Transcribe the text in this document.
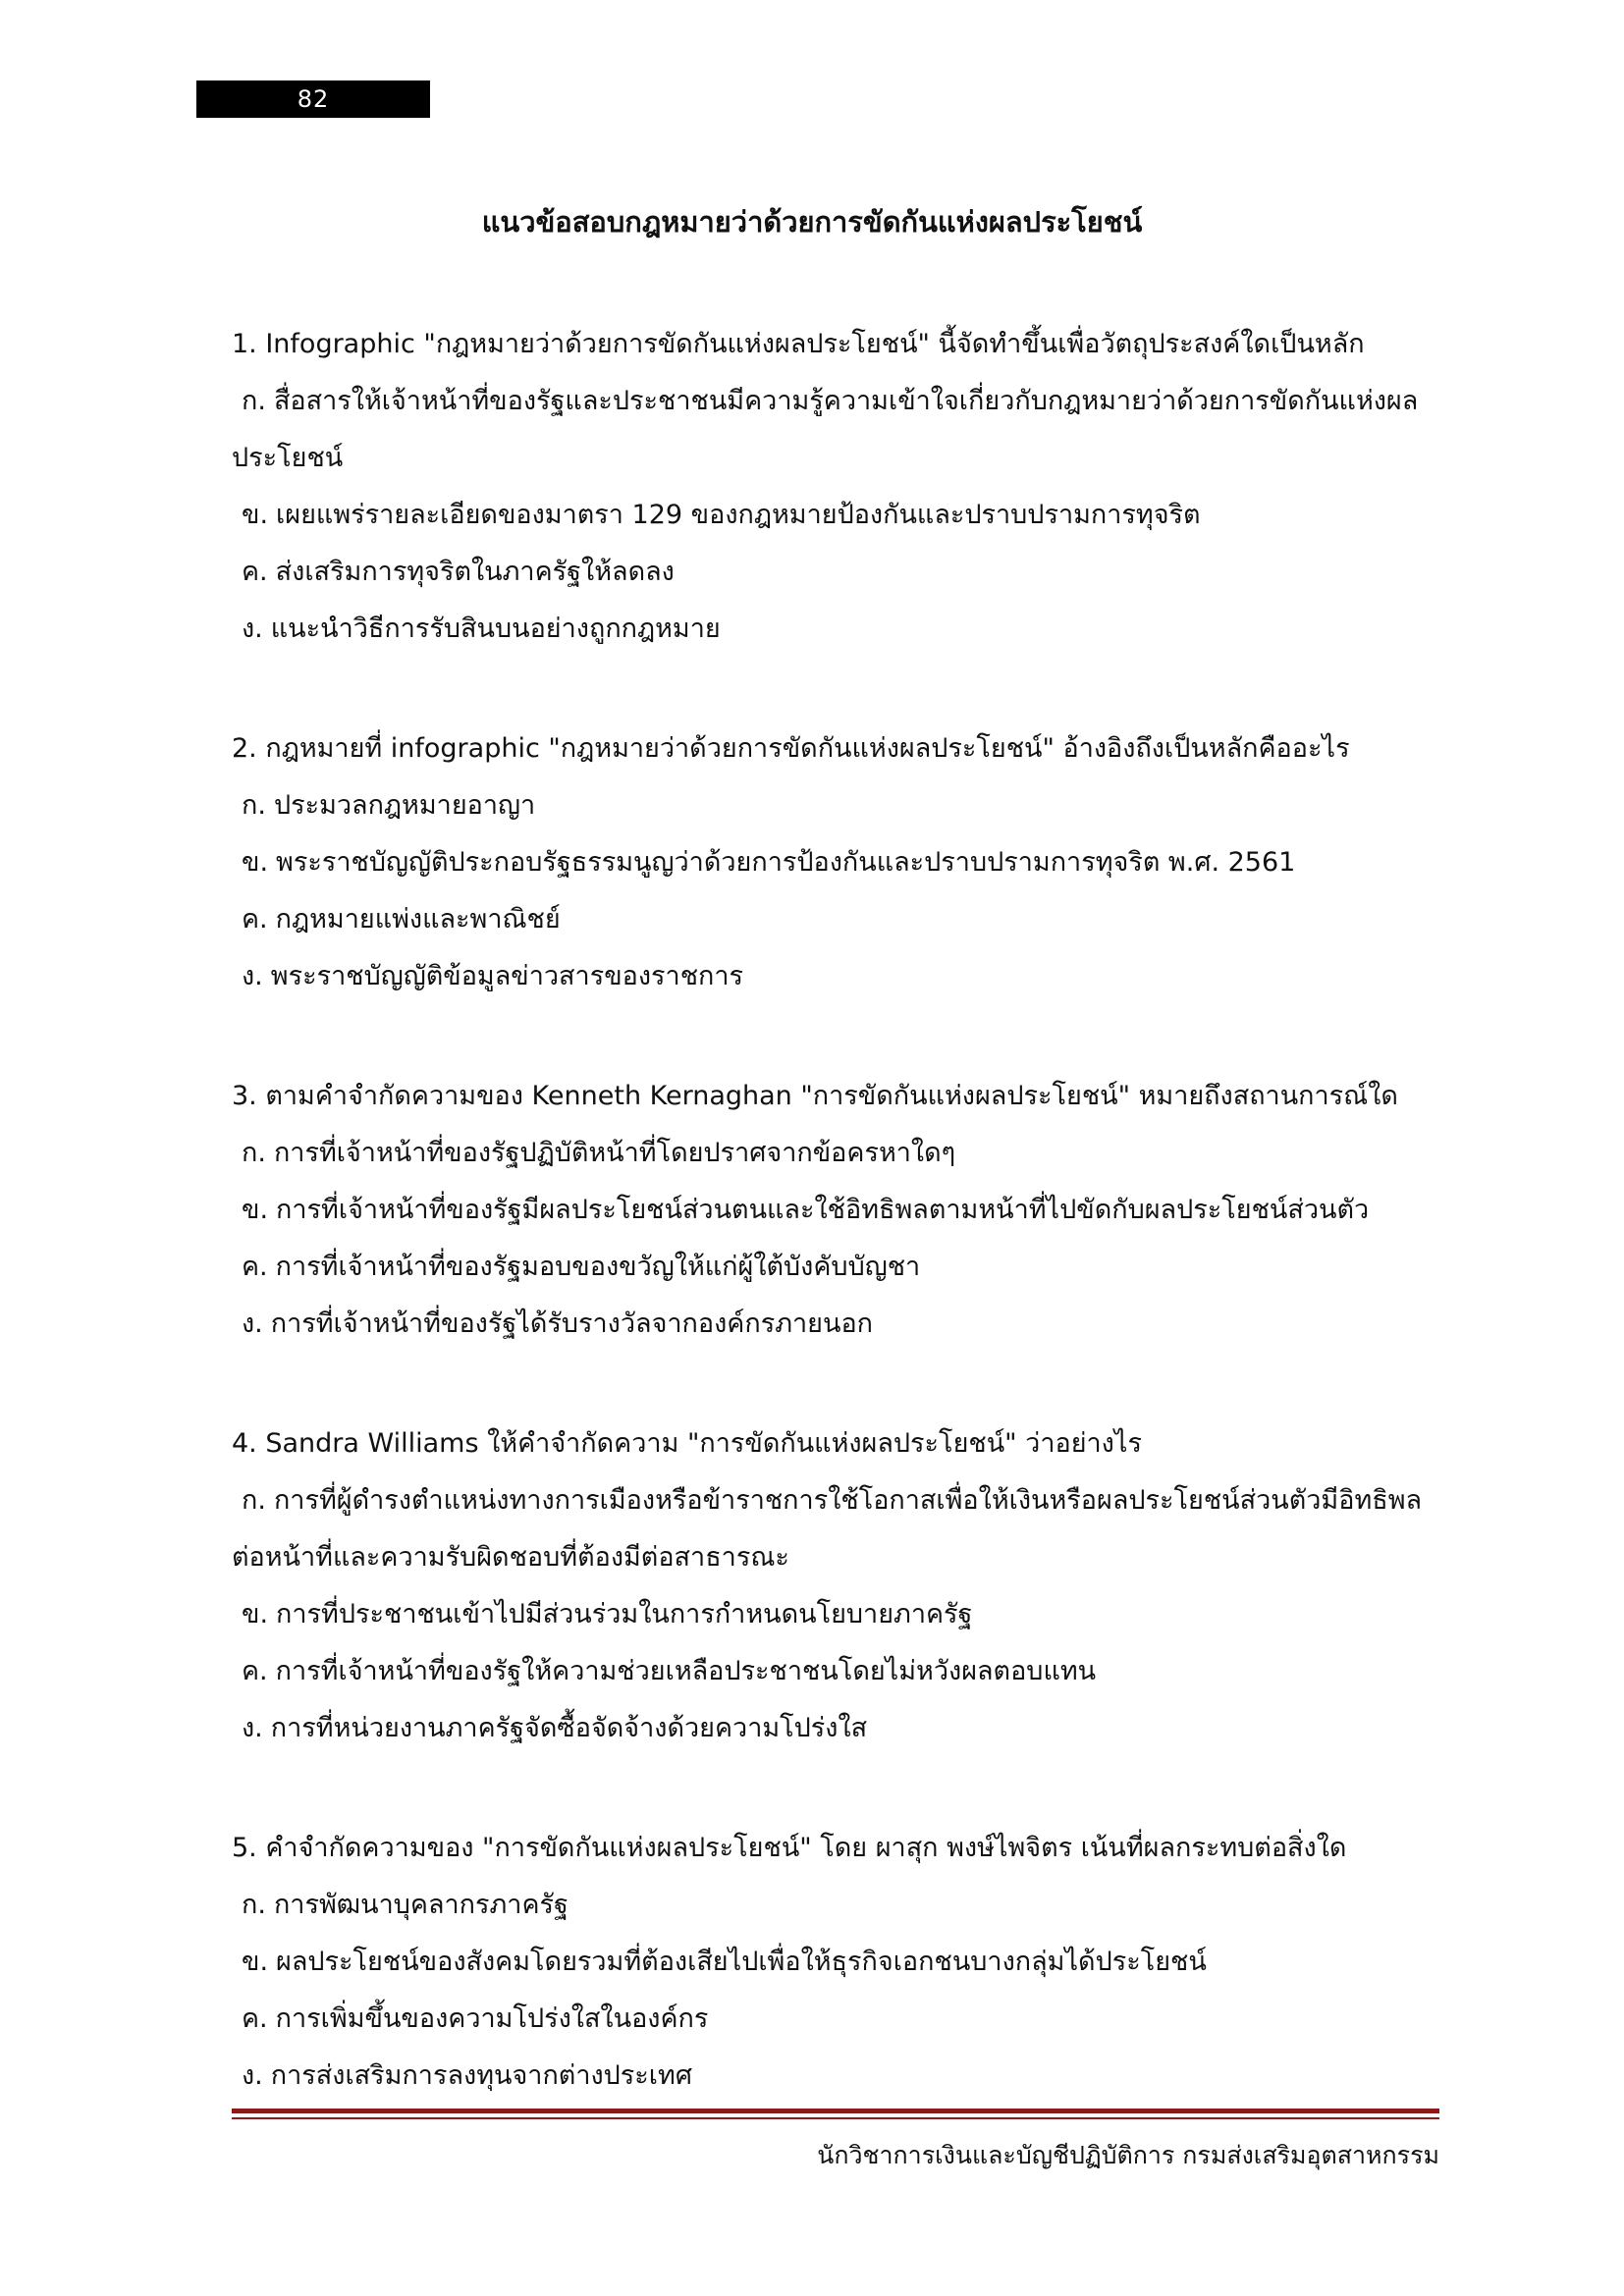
82
แนวข้อสอบกฎหมายว่าด้วยการขัดกันแห่งผลประโยชน์
1. Infographic "กฎหมายว่าด้วยการขัดกันแห่งผลประโยชน์" นี้จัดทำขึ้นเพื่อวัตถุประสงค์ใดเป็นหลัก
ก. สื่อสารให้เจ้าหน้าที่ของรัฐและประชาชนมีความรู้ความเข้าใจเกี่ยวกับกฎหมายว่าด้วยการขัดกันแห่งผลประโยชน์
ข. เผยแพร่รายละเอียดของมาตรา 129 ของกฎหมายป้องกันและปราบปรามการทุจริต
ค. ส่งเสริมการทุจริตในภาครัฐให้ลดลง
ง. แนะนำวิธีการรับสินบนอย่างถูกกฎหมาย
2. กฎหมายที่ infographic "กฎหมายว่าด้วยการขัดกันแห่งผลประโยชน์" อ้างอิงถึงเป็นหลักคืออะไร
ก. ประมวลกฎหมายอาญา
ข. พระราชบัญญัติประกอบรัฐธรรมนูญว่าด้วยการป้องกันและปราบปรามการทุจริต พ.ศ. 2561
ค. กฎหมายแพ่งและพาณิชย์
ง. พระราชบัญญัติข้อมูลข่าวสารของราชการ
3. ตามคำจำกัดความของ Kenneth Kernaghan "การขัดกันแห่งผลประโยชน์" หมายถึงสถานการณ์ใด
ก. การที่เจ้าหน้าที่ของรัฐปฏิบัติหน้าที่โดยปราศจากข้อครหาใดๆ
ข. การที่เจ้าหน้าที่ของรัฐมีผลประโยชน์ส่วนตนและใช้อิทธิพลตามหน้าที่ไปขัดกับผลประโยชน์ส่วนตัว
ค. การที่เจ้าหน้าที่ของรัฐมอบของขวัญให้แก่ผู้ใต้บังคับบัญชา
ง. การที่เจ้าหน้าที่ของรัฐได้รับรางวัลจากองค์กรภายนอก
4. Sandra Williams ให้คำจำกัดความ "การขัดกันแห่งผลประโยชน์" ว่าอย่างไร
ก. การที่ผู้ดำรงตำแหน่งทางการเมืองหรือข้าราชการใช้โอกาสเพื่อให้เงินหรือผลประโยชน์ส่วนตัวมีอิทธิพลต่อหน้าที่และความรับผิดชอบที่ต้องมีต่อสาธารณะ
ข. การที่ประชาชนเข้าไปมีส่วนร่วมในการกำหนดนโยบายภาครัฐ
ค. การที่เจ้าหน้าที่ของรัฐให้ความช่วยเหลือประชาชนโดยไม่หวังผลตอบแทน
ง. การที่หน่วยงานภาครัฐจัดซื้อจัดจ้างด้วยความโปร่งใส
5. คำจำกัดความของ "การขัดกันแห่งผลประโยชน์" โดย ผาสุก พงษ์ไพจิตร เน้นที่ผลกระทบต่อสิ่งใด
ก. การพัฒนาบุคลากรภาครัฐ
ข. ผลประโยชน์ของสังคมโดยรวมที่ต้องเสียไปเพื่อให้ธุรกิจเอกชนบางกลุ่มได้ประโยชน์
ค. การเพิ่มขึ้นของความโปร่งใสในองค์กร
ง. การส่งเสริมการลงทุนจากต่างประเทศ
นักวิชาการเงินและบัญชีปฏิบัติการ กรมส่งเสริมอุตสาหกรรม
